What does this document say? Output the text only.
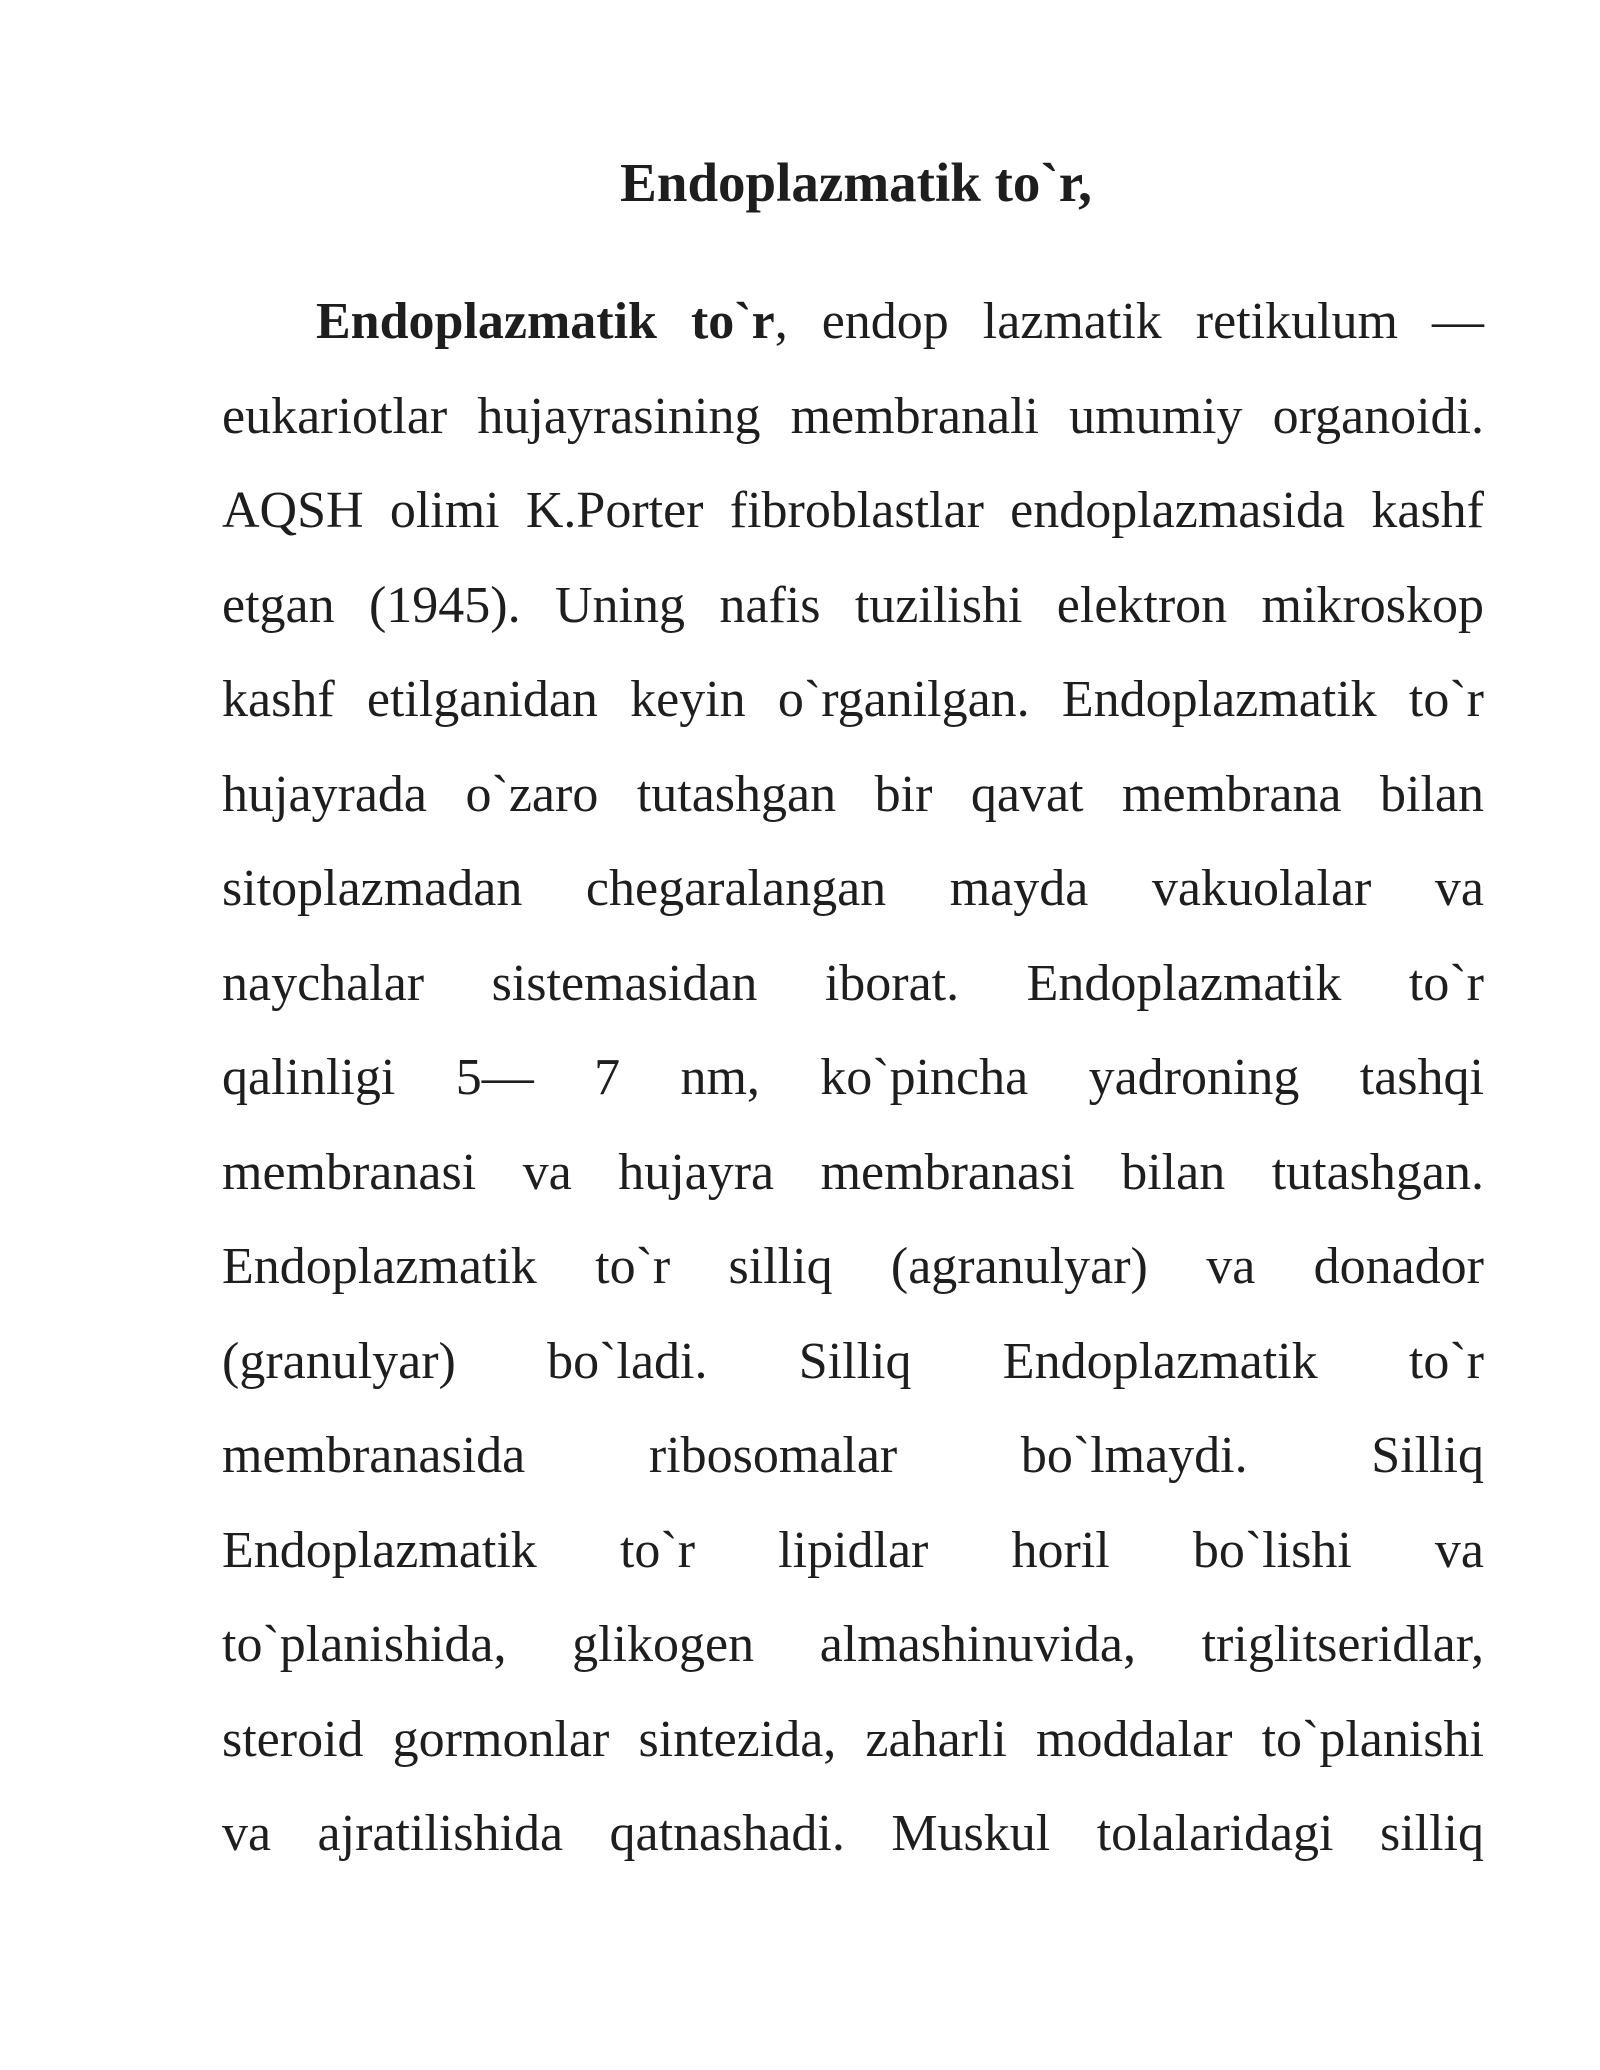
Endoplazmatik to`r,
Endoplazmatik to`r, endop lazmatik retikulum —
eukariotlar hujayrasining membranali umumiy organoidi.
AQSH olimi K.Porter fibroblastlar endoplazmasida kashf
etgan (1945). Uning nafis tuzilishi elektron mikroskop
kashf etilganidan keyin o`rganilgan. Endoplazmatik to`r
hujayrada o`zaro tutashgan bir qavat membrana bilan
sitoplazmadan chegaralangan mayda vakuolalar va
naychalar sistemasidan iborat. Endoplazmatik to`r
qalinligi 5— 7 nm, ko`pincha yadroning tashqi
membranasi va hujayra membranasi bilan tutashgan.
Endoplazmatik to`r silliq (agranulyar) va donador
(granulyar) bo`ladi. Silliq Endoplazmatik to`r
membranasida ribosomalar bo`lmaydi. Silliq
Endoplazmatik to`r lipidlar horil bo`lishi va
to`planishida, glikogen almashinuvida, triglitseridlar,
steroid gormonlar sintezida, zaharli moddalar to`planishi
va ajratilishida qatnashadi. Muskul tolalaridagi silliq
